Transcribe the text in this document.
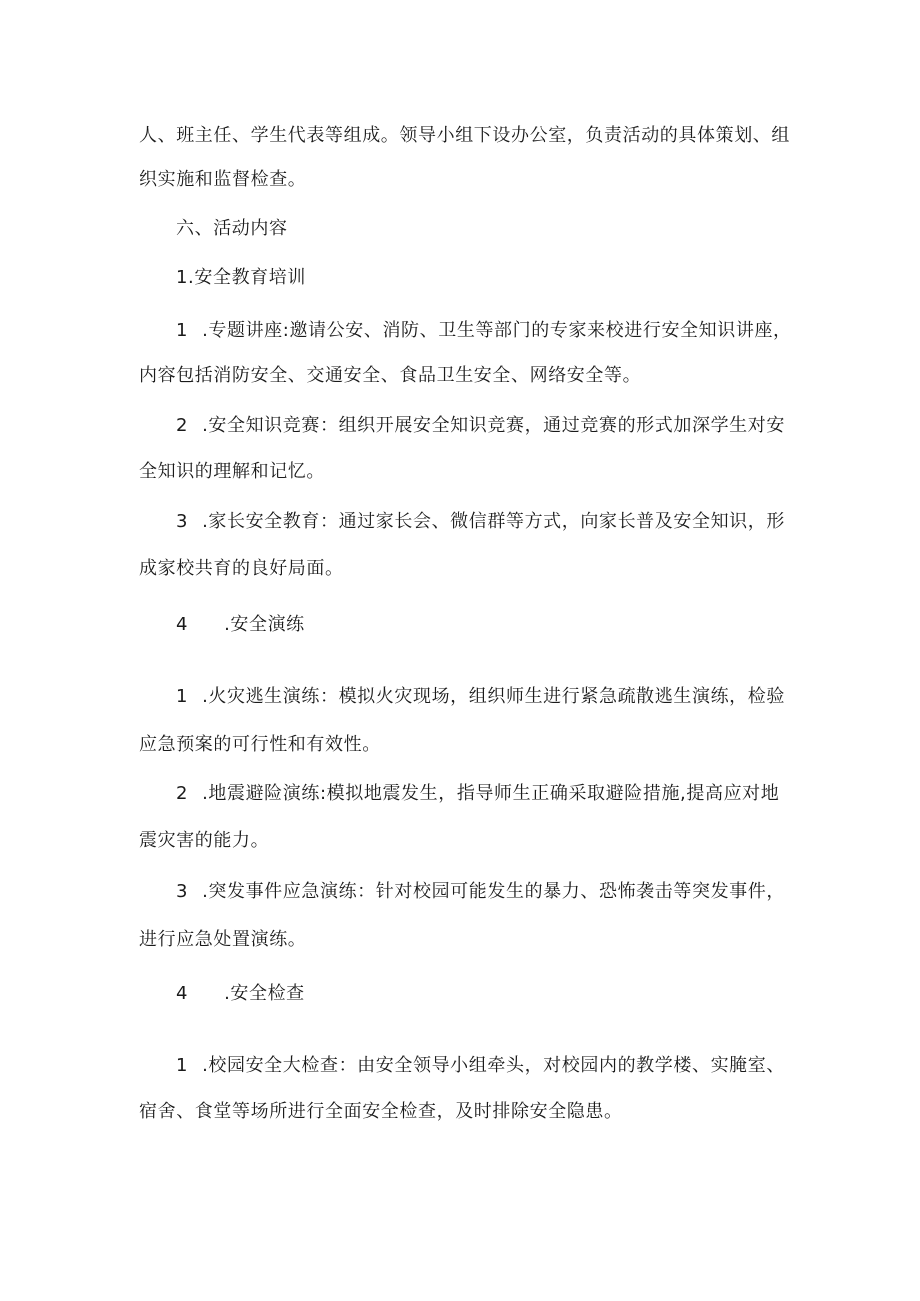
人、班主任、学生代表等组成。领导小组下设办公室，负责活动的具体策划、组
织实施和监督检查。
六、活动内容
1.安全教育培训
1 .专题讲座:邀请公安、消防、卫生等部门的专家来校进行安全知识讲座，
内容包括消防安全、交通安全、食品卫生安全、网络安全等。
2 .安全知识竞赛：组织开展安全知识竞赛，通过竞赛的形式加深学生对安
全知识的理解和记忆。
3 .家长安全教育：通过家长会、微信群等方式，向家长普及安全知识，形
成家校共育的良好局面。
4 .安全演练
1 .火灾逃生演练：模拟火灾现场，组织师生进行紧急疏散逃生演练，检验
应急预案的可行性和有效性。
2 .地震避险演练:模拟地震发生，指导师生正确采取避险措施,提高应对地
震灾害的能力。
3 .突发事件应急演练：针对校园可能发生的暴力、恐怖袭击等突发事件，
进行应急处置演练。
4 .安全检查
1 .校园安全大检查：由安全领导小组牵头，对校园内的教学楼、实腌室、
宿舍、食堂等场所进行全面安全检查，及时排除安全隐患。
